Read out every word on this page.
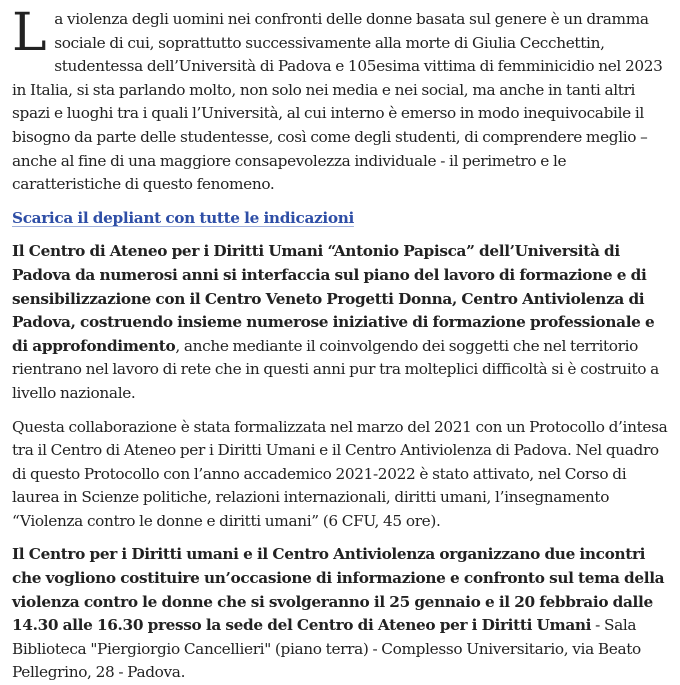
La violenza degli uomini nei confronti delle donne basata sul genere è un dramma sociale di cui, soprattutto successivamente alla morte di Giulia Cecchettin, studentessa dell’Università di Padova e 105esima vittima di femminicidio nel 2023 in Italia, si sta parlando molto, non solo nei media e nei social, ma anche in tanti altri spazi e luoghi tra i quali l’Università, al cui interno è emerso in modo inequivocabile il bisogno da parte delle studentesse, così come degli studenti, di comprendere meglio – anche al fine di una maggiore consapevolezza individuale - il perimetro e le caratteristiche di questo fenomeno.

Scarica il depliant con tutte le indicazioni

Il Centro di Ateneo per i Diritti Umani “Antonio Papisca” dell’Università di Padova da numerosi anni si interfaccia sul piano del lavoro di formazione e di sensibilizzazione con il Centro Veneto Progetti Donna, Centro Antiviolenza di Padova, costruendo insieme numerose iniziative di formazione professionale e di approfondimento, anche mediante il coinvolgendo dei soggetti che nel territorio rientrano nel lavoro di rete che in questi anni pur tra molteplici difficoltà si è costruito a livello nazionale.

Questa collaborazione è stata formalizzata nel marzo del 2021 con un Protocollo d’intesa tra il Centro di Ateneo per i Diritti Umani e il Centro Antiviolenza di Padova. Nel quadro di questo Protocollo con l’anno accademico 2021-2022 è stato attivato, nel Corso di laurea in Scienze politiche, relazioni internazionali, diritti umani, l’insegnamento “Violenza contro le donne e diritti umani” (6 CFU, 45 ore).

Il Centro per i Diritti umani e il Centro Antiviolenza organizzano due incontri che vogliono costituire un’occasione di informazione e confronto sul tema della violenza contro le donne che si svolgeranno il 25 gennaio e il 20 febbraio dalle 14.30 alle 16.30 presso la sede del Centro di Ateneo per i Diritti Umani - Sala Biblioteca "Piergiorgio Cancellieri" (piano terra) - Complesso Universitario, via Beato Pellegrino, 28 - Padova.
